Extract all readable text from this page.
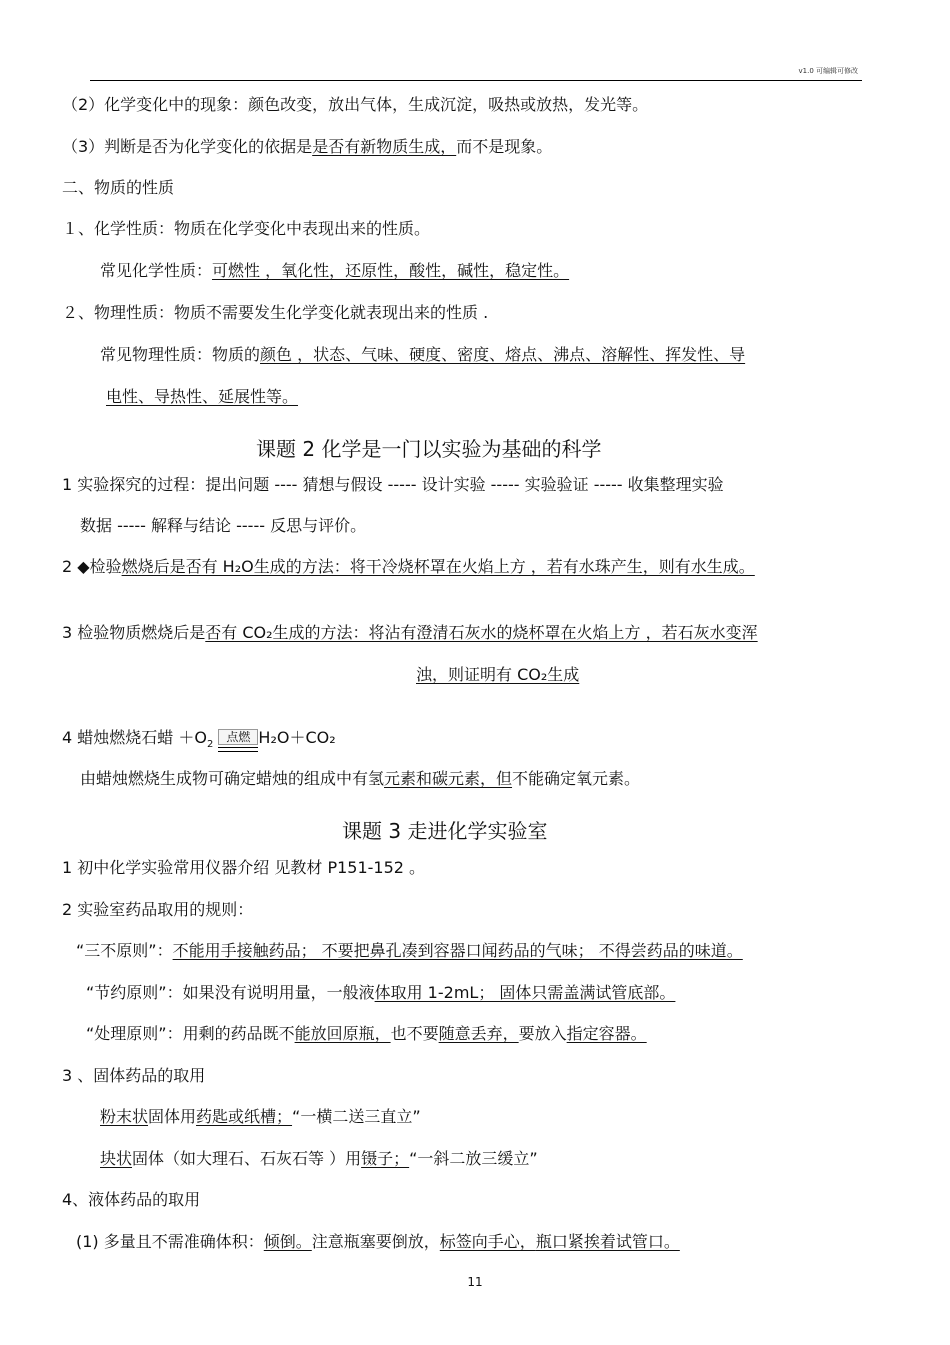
v1.0 可编辑可修改
（2）化学变化中的现象：颜色改变，放出气体，生成沉淀，吸热或放热，发光等。
（3）判断是否为化学变化的依据是是否有新物质生成，而不是现象。
二、物质的性质
１、化学性质：物质在化学变化中表现出来的性质。
常见化学性质：可燃性 ，氧化性，还原性，酸性，碱性，稳定性。
２、物理性质：物质不需要发生化学变化就表现出来的性质 .
常见物理性质：物质的颜色 ，状态、气味、硬度、密度、熔点、沸点、溶解性、挥发性、导
电性、导热性、延展性等。
课题 2 化学是一门以实验为基础的科学
1 实验探究的过程：提出问题 ---- 猜想与假设 ----- 设计实验 ----- 实验验证 ----- 收集整理实验
数据 ----- 解释与结论 ----- 反思与评价。
2 ◆检验燃烧后是否有 H₂O生成的方法：将干冷烧杯罩在火焰上方 ，若有水珠产生，则有水生成。
3 检验物质燃烧后是否有 CO₂生成的方法：将沾有澄清石灰水的烧杯罩在火焰上方 ，若石灰水变浑
浊，则证明有 CO₂生成
4 蜡烛燃烧石蜡 $+O_2$
点燃 H₂O＋CO₂
由蜡烛燃烧生成物可确定蜡烛的组成中有氢元素和碳元素，但不能确定氧元素。
课题 3 走进化学实验室
1 初中化学实验常用仪器介绍 见教材 P151-152 。
2 实验室药品取用的规则：
“三不原则”：不能用手接触药品； 不要把鼻孔凑到容器口闻药品的气味； 不得尝药品的味道。
“节约原则”：如果没有说明用量，一般液体取用 1-2mL； 固体只需盖满试管底部。
“处理原则”：用剩的药品既不能放回原瓶，也不要随意丢弃，要放入指定容器。
3 、固体药品的取用
粉末状固体用药匙或纸槽；“一横二送三直立”
块状固体（如大理石、石灰石等 ）用镊子；“一斜二放三缓立”
4、液体药品的取用
(1) 多量且不需准确体积：倾倒。注意瓶塞要倒放，标签向手心，瓶口紧挨着试管口。
11
